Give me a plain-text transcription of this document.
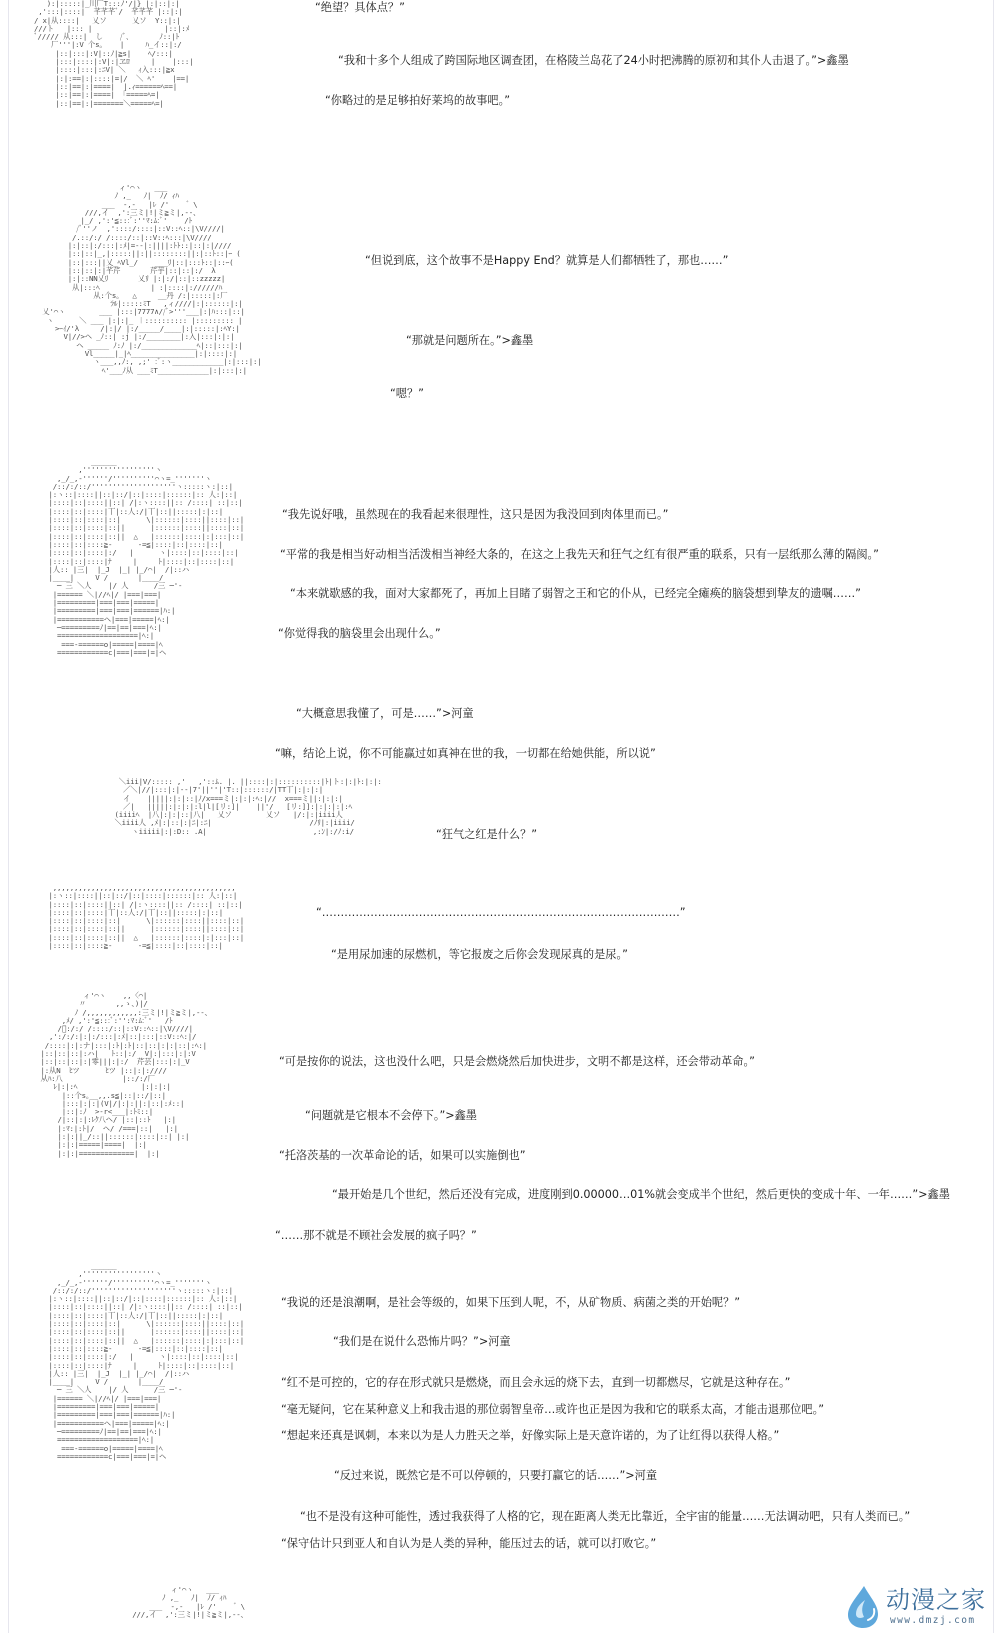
):|:::::|_川厂T:::ﾉ'/|} |:|::|:|
,':::|::::|  芊芊芊ﾞ/  芊芊芊 |::|:|
/ x|从::::|   乂ソ      乂ソ  Y::|:|
///ト   |::: |                 |::|:ﾒ
ﾞ///// 从:::|  し    /ﾞ､       ﾉ::|ﾄ
厂'''|:V 个s｡    |     ﾊ_イ::|:/
|::|:::|:V|::ﾉ|≧s|    ﾍ/:::|
|:::|::::|:V|:|ヱﾛ     |    |:::|
|::::|:::|:ﾆV| ＼   ｨ入:::|≧x
|:|:==|:|::::|=|/  ＼ ﾍ'    |==|
|::|==|:|====|  |.ｨ======ﾍ==|
|::|==|:|====| 「=====ﾍ=|
|::|==|:|=======＼=====ﾍ=|
ィ'⌒ヽ   ___
ﾉ ,_   ﾉ|  ﾉ/ ｨﾊ
___  ‐,‐   |ﾚ /'    ゛\
///,イ  ,':三ミ|!|ミ≧ミ|,--、
|_/ ,':'≦:::ﾞ:''ﾏ:ﾑ:ﾞ'    /ﾄ
/ﾞ''ノ  ,'::::/::::|::V::ﾍ::|\V////|
/.::/:/ /::::/::|::V::ﾍ:::|\V////
|:|::|:/:::|:ﾒ|=--|:||||:ﾄﾄ::|::|:|////
|::|::|_,|:::::||:||::::::::||:|::ﾄ::|ｰ (
|::|:::||乂_ﾍVl_/    ___ﾘ|::|:::ﾄ::|::ｰ(
|::|::|:|芊芹       芹芋|::|::|:/  λ
|:|::NN乂ﾘ       乂ﾘ |:|:/|::|::zzzzz|
从|:::ﾍ            | :|::::|://////ﾊ
从:个s｡   △     __丹 /:|:::::|:厂
ﾗﾙ|:::::ﾐT   ,ィ////|:|::::::|:|
乂'⌒ヽ        ___ |:::|7777∧//ﾞ>'''___|:|ﾊ:::|::|
ヽ      ＼ ___ |:|:|_ ︱:::::::::: |::::::::: |
>ｰｲ/'λ     /|:|/ |:/_____/____|:|:::::|:ﾍY:|
V|//>ヘ _ﾉ::| :j |:/________|:入|:::|:|:|
ヘ _____ ﾉ:ﾉ |:/_____________ﾍ|::|:::|:|
Vl_____|_|ﾍ_______________|:|::::|:|
ヽ___,,ﾉ:, ,;' :ﾞ:ヽ____________|:|:::|:|
ﾍ'___ﾉ从 ___ﾐT____________|:|:::|:|
______
,'''''''''''''''''ヽ
,_/_,-''''''/''''''''''⌒ヽ=_'''''''ヽ
/::/:/::/''''''''''''''''''''ヽ:::::ヽ:|::|
|:ヽ::|::::||::|::/|::|::::|::::::|:: 人:|::|
|::::|::|::::||::| /|:ヽ::::||:: /::::| ::|::|
|::::|::|::::|丅|::人:/|丅|::||:::::|:|::|
|::::|::|::::|::|      \|::::::|::::||::::|::|
|::::|::|::::|::||      |::::::|::::||::::|::|
|::::|::|::::|::||  △   |::::::|::::|:|:::|::|
|::::|::|::::≧-      -=≦|::::|::|::::|::|
|::::|::|::::|:/   |      ヽ|::::|::|::::|::|
|::::|::|::::|ﾅ     |     ﾄ|::::|::|::::|::|
|人:: |三|  |_J  |_| |_/⌒|  /|::ハ
|____|     V /       |____/
─ 三 ＼人    |/ 人      /三 ─'‐
|====== ＼|//ﾍ|/ |===|===|
|=========|===|===|=====|
|=========|===|===|======|ﾊ:|
|===========ヘ|===|=====|ﾍ:|
─=========ﾉ|==|==|===|ﾍ:|
===================|ﾍ:|
===‐======o|=====|====|ﾍ
============c|===|===|=|ヘ
＼iii|V/::::: ,'   ,'::ﾑ. |. ||::::|:|::::::::::|ﾄ|ト:|:|ﾄ:|:|:
／＼|//|:::|:|--|7'||''|'T::|::::::/|TT丅|:|:|:|
イ    |||||:|:|::|ﾉ/x===ミ|:|:|:ﾍ:|//  x===ミ||:|:|:|
／|   |||||:|:|:|:l|l|[リ:]|    ||'/   [リ:]]:|:|:|:|:ﾍ
(iiiiﾍ  |八|:|:|::|八|   乂ソ        乂ソ   |/:|:|iiii人
＼iiii人 ,ﾒ|:|::|:|ﾆ|:ﾆ|                       /ﾉﾘ|:|iiii/
ヽiiiii|:|:D:: .A|                         ,:ﾝ|:/ﾉ:i/
,,,,,,,,,,,,,,,,,,,,,,,,,,,,,,,,,,,,,,,,,,,
|:ヽ::|::::||::|::/|::|::::|::::::|:: 人:|::|
|::::|::|::::||::| /|:ヽ::::||:: /::::| ::|::|
|::::|::|::::|丅|::人:/|丅|::||:::::|:|::|
|::::|::|::::|::|      \|::::::|::::||::::|::|
|::::|::|::::|::||      |::::::|::::||::::|::|
|::::|::|::::|::||  △   |::::::|::::|:|:::|::|
|::::|::|::::≧-      -=≦|::::|::|::::|::|
ィ'⌒ヽ    ,,〈⌒|
〃       ,,ゝ、)|/
ﾉ /,,,,,,,,,,,,:三ミ|!|ミ≧ミ|,--、
,ﾒ/ ,':'≦:::ﾞ:'':ﾏ:ﾑ:ﾞ'   /ﾄ
/ﾞ:/:/ /::::/::|::V::ﾍ::|\V////|
,':/:/:|:|:/:::|:ﾒ|::|:::|::V::ﾍ:|/
/::::|:|:ナ|:::|:ﾄ|:ﾄ|::|::|:|:|::|:ﾍ:|
|::|::|::|:ハ|   ﾄ::|:/  V|:|:::|:|:V
|::|::|::|:|零|||:|:/  芹芸|:::|:|_V
|:从N  ﾋツ      ﾋツ |::|:|:////
从ﾊ:八              |::/:/厂
ﾚ|:|:ﾍ               |:|:|:|
|::个s｡__,,.s≦|::|::/|::|
|:::|:|:|(V|/|:|:||:|::|:ﾒ::|
|::|:ﾉ  >-r<___|:ﾄﾐ::|
/|::|:|:ﾚｸ八ヘ/ |::|::ﾄ   |:|
|:ﾏ:|:ﾄ|/  ヘ/ /===|::|   |:|
|:|:||_/::||::::::|::::|::| |:|
|:|:|=====|====|  |:|
|:|:|=============|  |:|
______
,'''''''''''''''''ヽ
,_/_,-''''''/''''''''''⌒ヽ=_'''''''ヽ
/::/:/::/''''''''''''''''''''ヽ:::::ヽ:|::|
|:ヽ::|::::||::|::/|::|::::|::::::|:: 人:|::|
|::::|::|::::||::| /|:ヽ::::||:: /::::| ::|::|
|::::|::|::::|丅|::人:/|丅|::||:::::|:|::|
|::::|::|::::|::|      \|::::::|::::||::::|::|
|::::|::|::::|::||      |::::::|::::||::::|::|
|::::|::|::::|::||  △   |::::::|::::|:|:::|::|
|::::|::|::::≧-      -=≦|::::|::|::::|::|
|::::|::|::::|:/   |      ヽ|::::|::|::::|::|
|::::|::|::::|ﾅ     |     ﾄ|::::|::|::::|::|
|人:: |三|  |_J  |_| |_/⌒|  /|::ハ
|____|     V /       |____/
─ 三 ＼人    |/ 人      /三 ─'‐
|====== ＼|//ﾍ|/ |===|===|
|=========|===|===|=====|
|=========|===|===|======|ﾊ:|
|===========ヘ|===|=====|ﾍ:|
─=========ﾉ|==|==|===|ﾍ:|
===================|ﾍ:|
===‐======o|=====|====|ﾍ
============c|===|===|=|ヘ
ィ'⌒ヽ   ___
ﾉ ,_   ﾉ|  ﾉ/ ｨﾊ
___  ‐,‐   |ﾚ /'    ゛\
///,イ  ,':三ミ|!|ミ≧ミ|,--、

“绝望？具体点？”

“我和十多个人组成了跨国际地区调查团，在格陵兰岛花了24小时把沸腾的原初和其仆人击退了。”>鑫墨

“你略过的是足够拍好莱坞的故事吧。”

“但说到底，这个故事不是Happy End？就算是人们都牺牲了，那也……”

“那就是问题所在。”>鑫墨

“嗯？”

“我先说好哦，虽然现在的我看起来很理性，这只是因为我没回到肉体里而已。”

“平常的我是相当好动相当活泼相当神经大条的，在这之上我先天和狂气之红有很严重的联系，只有一层纸那么薄的隔阂。”

“本来就歇感的我，面对大家都死了，再加上目睹了弱智之王和它的仆从，已经完全瘫痪的脑袋想到挚友的遗嘱……”

“你觉得我的脑袋里会出现什么。”

“大概意思我懂了，可是……”>河童

“嘛，结论上说，你不可能赢过如真神在世的我，一切都在给她供能，所以说”

“狂气之红是什么？”

“……………………………………………………………………………………”

“是用尿加速的尿燃机，等它报废之后你会发现尿真的是尿。”

“可是按你的说法，这也没什么吧，只是会燃烧然后加快进步，文明不都是这样，还会带动革命。”

“问题就是它根本不会停下。”>鑫墨

“托洛茨基的一次革命论的话，如果可以实施倒也”

“最开始是几个世纪，然后还没有完成，进度刚到0.00000…01%就会变成半个世纪，然后更快的变成十年、一年……”>鑫墨

“……那不就是不顾社会发展的疯子吗？”

“我说的还是浪潮啊，是社会等级的，如果下压到人呢，不，从矿物质、病菌之类的开始呢？”

“我们是在说什么恐怖片吗？”>河童

“红不是可控的，它的存在形式就只是燃烧，而且会永远的烧下去，直到一切都燃尽，它就是这种存在。”

“毫无疑问，它在某种意义上和我击退的那位弱智皇帝…或许也正是因为我和它的联系太高，才能击退那位吧。”

“想起来还真是讽刺，本来以为是人力胜天之举，好像实际上是天意许诺的，为了让红得以获得人格。”

“反过来说，既然它是不可以停顿的，只要打赢它的话……”>河童

“也不是没有这种可能性，透过我获得了人格的它，现在距离人类无比靠近，全宇宙的能量……无法调动吧，只有人类而已。”

“保守估计只到亚人和自认为是人类的异种，能压过去的话，就可以打败它。”

动漫之家
www.dmzj.com
